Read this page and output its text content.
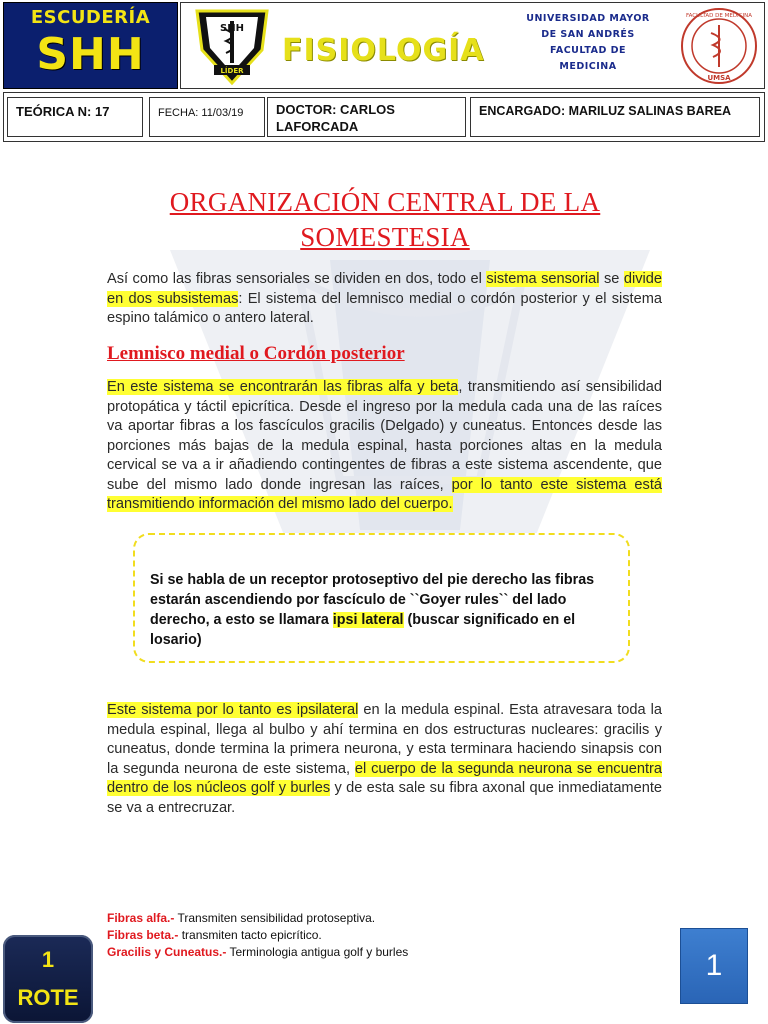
ESCUDERÍA
SHH
SHH
LÍDER
FISIOLOGÍA
UNIVERSIDAD MAYOR DE SAN ANDRÉS FACULTAD DE MEDICINA
FACULTAD DE MEDICINA
UMSA
TEÓRICA N: 17	FECHA: 11/03/19	DOCTOR: CARLOS LAFORCADA
ENCARGADO: MARILUZ SALINAS BAREA
ORGANIZACIÓN CENTRAL DE LA SOMESTESIA
Así como las fibras sensoriales se dividen en dos, todo el sistema sensorial se divide en dos subsistemas: El sistema del lemnisco medial o cordón posterior y el sistema espino talámico o antero lateral.
Lemnisco medial o Cordón posterior
En este sistema se encontrarán las fibras alfa y beta, transmitiendo así sensibilidad protopática y táctil epicrítica. Desde el ingreso por la medula cada una de las raíces va aportar fibras a los fascículos gracilis (Delgado) y cuneatus. Entonces desde las porciones más bajas de la medula espinal, hasta porciones altas en la medula cervical se va a ir añadiendo contingentes de fibras a este sistema ascendente, que sube del mismo lado donde ingresan las raíces, por lo tanto este sistema está transmitiendo información del mismo lado del cuerpo.
Si se habla de un receptor protoseptivo del pie derecho las fibras estarán ascendiendo por fascículo de ``Goyer rules`` del lado derecho, a esto se llamara ipsi lateral (buscar significado en el losario)
Este sistema por lo tanto es ipsilateral en la medula espinal. Esta atravesara toda la medula espinal, llega al bulbo y ahí termina en dos estructuras nucleares: gracilis y cuneatus, donde termina la primera neurona, y esta terminara haciendo sinapsis con la segunda neurona de este sistema, el cuerpo de la segunda neurona se encuentra dentro de los núcleos golf y burles y de esta sale su fibra axonal que inmediatamente se va a entrecruzar.
Fibras alfa.- Transmiten sensibilidad protoseptiva.
Fibras beta.- transmiten tacto epicrítico.
Gracilis y Cuneatus.- Terminologia antigua golf y burles
1
ROTE
1
